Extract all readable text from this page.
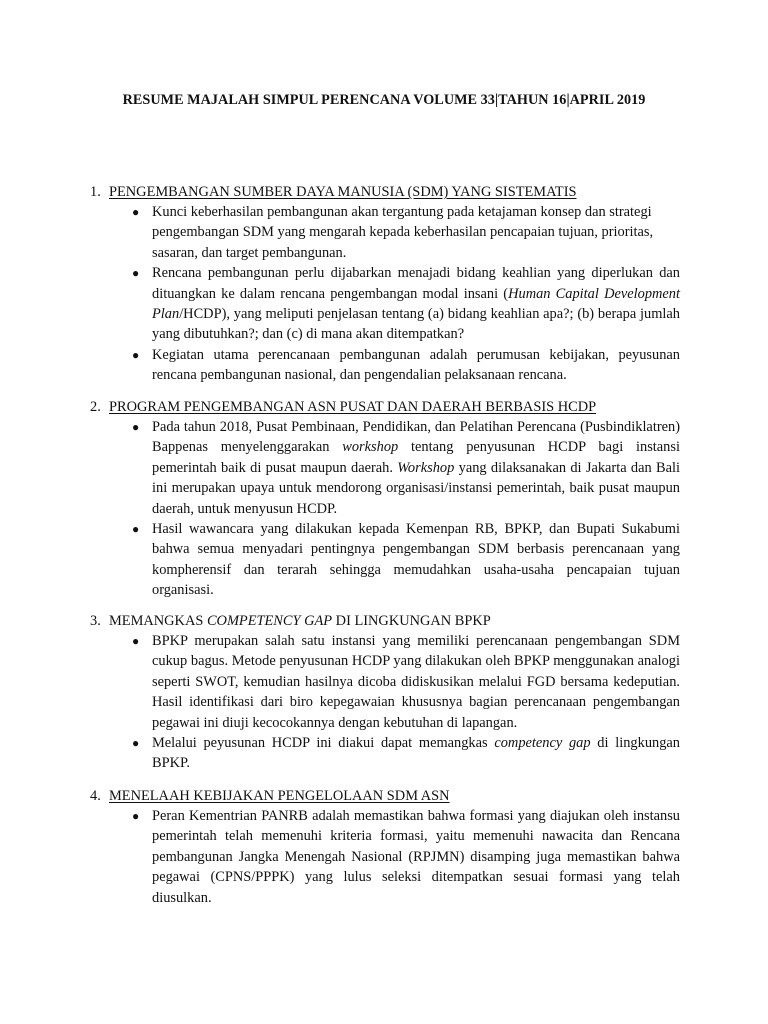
RESUME MAJALAH SIMPUL PERENCANA VOLUME 33|TAHUN 16|APRIL 2019
1. PENGEMBANGAN SUMBER DAYA MANUSIA (SDM) YANG SISTEMATIS
● Kunci keberhasilan pembangunan akan tergantung pada ketajaman konsep dan strategi pengembangan SDM yang mengarah kepada keberhasilan pencapaian tujuan, prioritas, sasaran, dan target pembangunan.
● Rencana pembangunan perlu dijabarkan menajadi bidang keahlian yang diperlukan dan dituangkan ke dalam rencana pengembangan modal insani (Human Capital Development Plan/HCDP), yang meliputi penjelasan tentang (a) bidang keahlian apa?; (b) berapa jumlah yang dibutuhkan?; dan (c) di mana akan ditempatkan?
● Kegiatan utama perencanaan pembangunan adalah perumusan kebijakan, peyusunan rencana pembangunan nasional, dan pengendalian pelaksanaan rencana.
2. PROGRAM PENGEMBANGAN ASN PUSAT DAN DAERAH BERBASIS HCDP
● Pada tahun 2018, Pusat Pembinaan, Pendidikan, dan Pelatihan Perencana (Pusbindiklatren) Bappenas menyelenggarakan workshop tentang penyusunan HCDP bagi instansi pemerintah baik di pusat maupun daerah. Workshop yang dilaksanakan di Jakarta dan Bali ini merupakan upaya untuk mendorong organisasi/instansi pemerintah, baik pusat maupun daerah, untuk menyusun HCDP.
● Hasil wawancara yang dilakukan kepada Kemenpan RB, BPKP, dan Bupati Sukabumi bahwa semua menyadari pentingnya pengembangan SDM berbasis perencanaan yang kompherensif dan terarah sehingga memudahkan usaha-usaha pencapaian tujuan organisasi.
3. MEMANGKAS COMPETENCY GAP DI LINGKUNGAN BPKP
● BPKP merupakan salah satu instansi yang memiliki perencanaan pengembangan SDM cukup bagus. Metode penyusunan HCDP yang dilakukan oleh BPKP menggunakan analogi seperti SWOT, kemudian hasilnya dicoba didiskusikan melalui FGD bersama kedeputian. Hasil identifikasi dari biro kepegawaian khususnya bagian perencanaan pengembangan pegawai ini diuji kecocokannya dengan kebutuhan di lapangan.
● Melalui peyusunan HCDP ini diakui dapat memangkas competency gap di lingkungan BPKP.
4. MENELAAH KEBIJAKAN PENGELOLAAN SDM ASN
● Peran Kementrian PANRB adalah memastikan bahwa formasi yang diajukan oleh instansu pemerintah telah memenuhi kriteria formasi, yaitu memenuhi nawacita dan Rencana pembangunan Jangka Menengah Nasional (RPJMN) disamping juga memastikan bahwa pegawai (CPNS/PPPK) yang lulus seleksi ditempatkan sesuai formasi yang telah diusulkan.
